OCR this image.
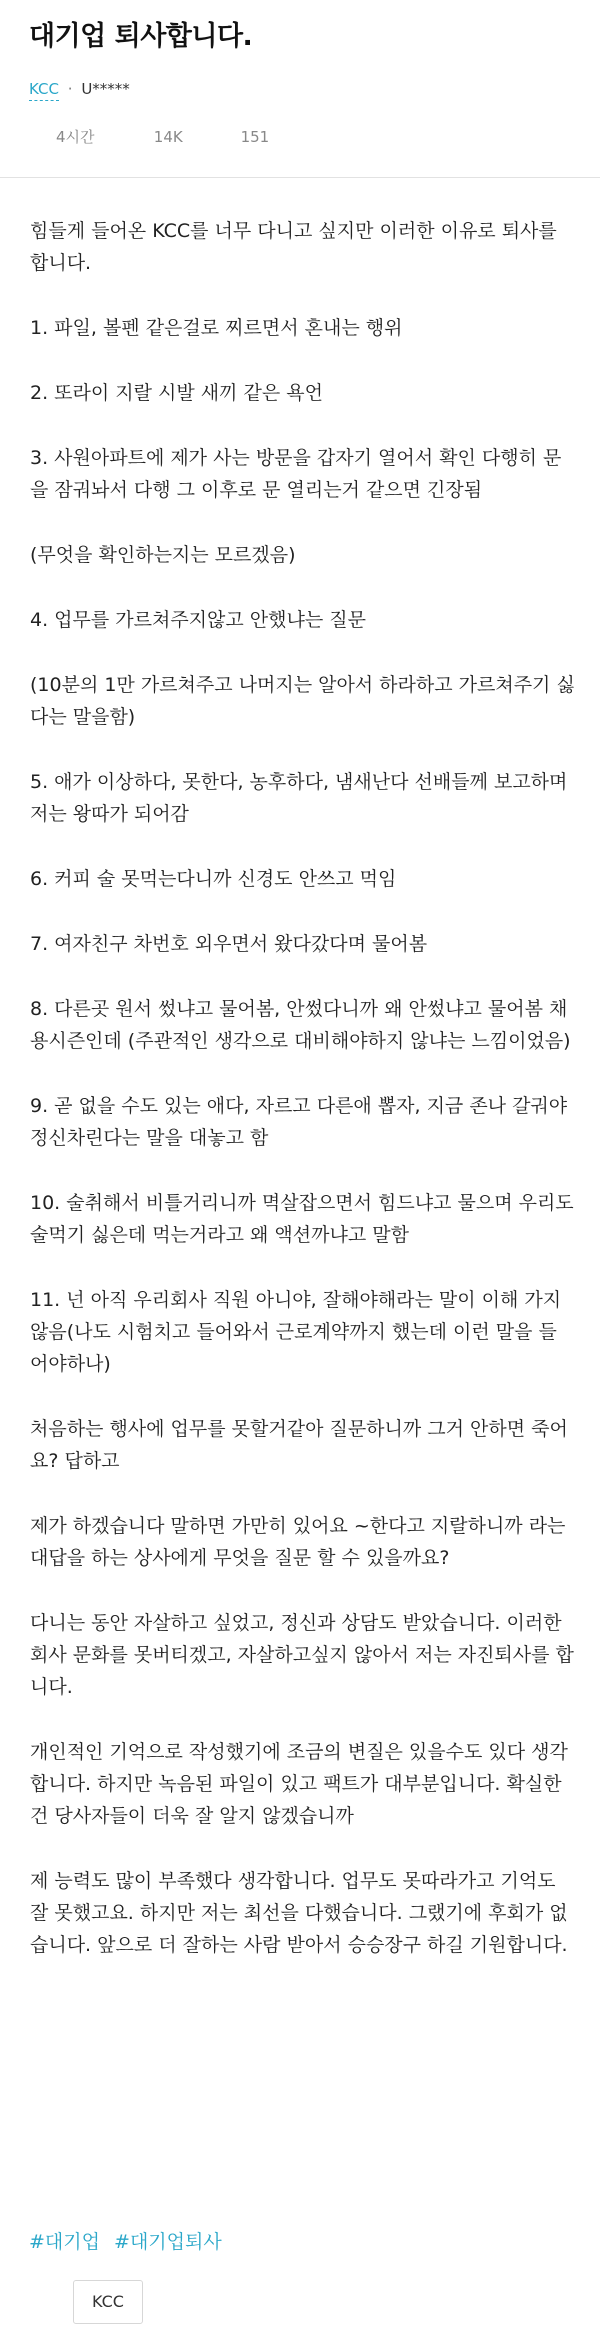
대기업 퇴사합니다.
KCC · U*****
4시간	14K	151

힘들게 들어온 KCC를 너무 다니고 싶지만 이러한 이유로 퇴사를 합니다.

1. 파일, 볼펜 같은걸로 찌르면서 혼내는 행위

2. 또라이 지랄 시발 새끼 같은 욕언

3. 사원아파트에 제가 사는 방문을 갑자기 열어서 확인 다행히 문을 잠궈놔서 다행 그 이후로 문 열리는거 같으면 긴장됨

(무엇을 확인하는지는 모르겠음)

4. 업무를 가르쳐주지않고 안했냐는 질문

(10분의 1만 가르쳐주고 나머지는 알아서 하라하고 가르쳐주기 싫다는 말을함)

5. 애가 이상하다, 못한다, 농후하다, 냄새난다 선배들께 보고하며 저는 왕따가 되어감

6. 커피 술 못먹는다니까 신경도 안쓰고 먹임

7. 여자친구 차번호 외우면서 왔다갔다며 물어봄

8. 다른곳 원서 썼냐고 물어봄, 안썼다니까 왜 안썼냐고 물어봄 채용시즌인데 (주관적인 생각으로 대비해야하지 않냐는 느낌이었음)

9. 곧 없을 수도 있는 애다, 자르고 다른애 뽑자, 지금 존나 갈궈야 정신차린다는 말을 대놓고 함

10. 술취해서 비틀거리니까 멱살잡으면서 힘드냐고 물으며 우리도 술먹기 싫은데 먹는거라고 왜 액션까냐고 말함

11. 넌 아직 우리회사 직원 아니야, 잘해야해라는 말이 이해 가지 않음(나도 시험치고 들어와서 근로계약까지 했는데 이런 말을 들어야하나)

처음하는 행사에 업무를 못할거같아 질문하니까 그거 안하면 죽어요? 답하고

제가 하겠습니다 말하면 가만히 있어요 ~한다고 지랄하니까 라는 대답을 하는 상사에게 무엇을 질문 할 수 있을까요?

다니는 동안 자살하고 싶었고, 정신과 상담도 받았습니다. 이러한 회사 문화를 못버티겠고, 자살하고싶지 않아서 저는 자진퇴사를 합니다.

개인적인 기억으로 작성했기에 조금의 변질은 있을수도 있다 생각합니다. 하지만 녹음된 파일이 있고 팩트가 대부분입니다. 확실한건 당사자들이 더욱 잘 알지 않겠습니까

제 능력도 많이 부족했다 생각합니다. 업무도 못따라가고 기억도 잘 못했고요. 하지만 저는 최선을 다했습니다. 그랬기에 후회가 없습니다. 앞으로 더 잘하는 사람 받아서 승승장구 하길 기원합니다.

#대기업 #대기업퇴사
KCC
